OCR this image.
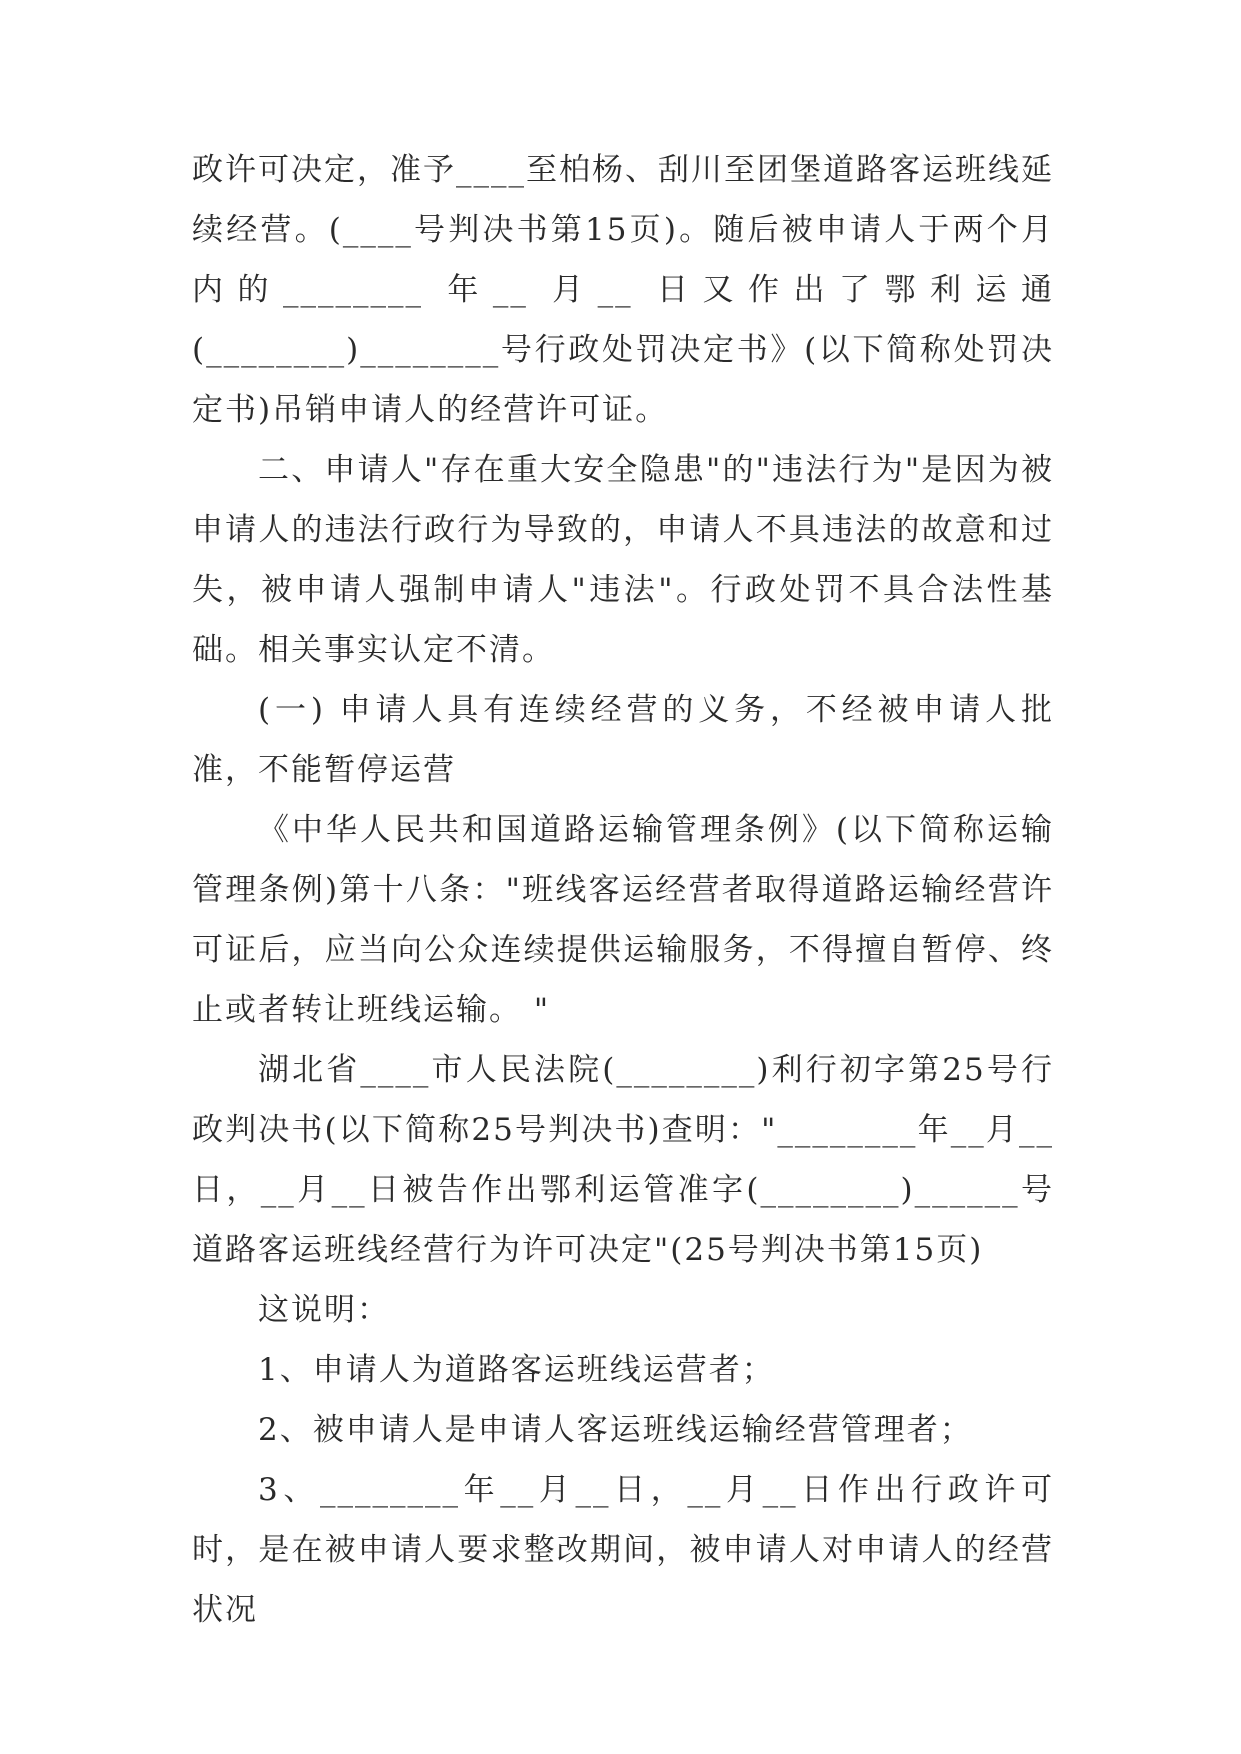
政许可决定，准予____至柏杨、刮川至团堡道路客运班线延续经营。(____号判决书第15页)。随后被申请人于两个月内的________ 年__ 月__ 日又作出了鄂利运通(________)________号行政处罚决定书》(以下简称处罚决定书)吊销申请人的经营许可证。

二、申请人"存在重大安全隐患"的"违法行为"是因为被申请人的违法行政行为导致的，申请人不具违法的故意和过失，被申请人强制申请人"违法"。行政处罚不具合法性基础。相关事实认定不清。

(一) 申请人具有连续经营的义务，不经被申请人批准，不能暂停运营

《中华人民共和国道路运输管理条例》(以下简称运输管理条例)第十八条："班线客运经营者取得道路运输经营许可证后，应当向公众连续提供运输服务，不得擅自暂停、终止或者转让班线运输。 "

湖北省____市人民法院(________)利行初字第25号行政判决书(以下简称25号判决书)查明："________年__月__日，__月__日被告作出鄂利运管准字(________)______号道路客运班线经营行为许可决定"(25号判决书第15页)

这说明：

1、申请人为道路客运班线运营者；

2、被申请人是申请人客运班线运输经营管理者；

3、________年__月__日，__月__日作出行政许可时，是在被申请人要求整改期间，被申请人对申请人的经营状况
